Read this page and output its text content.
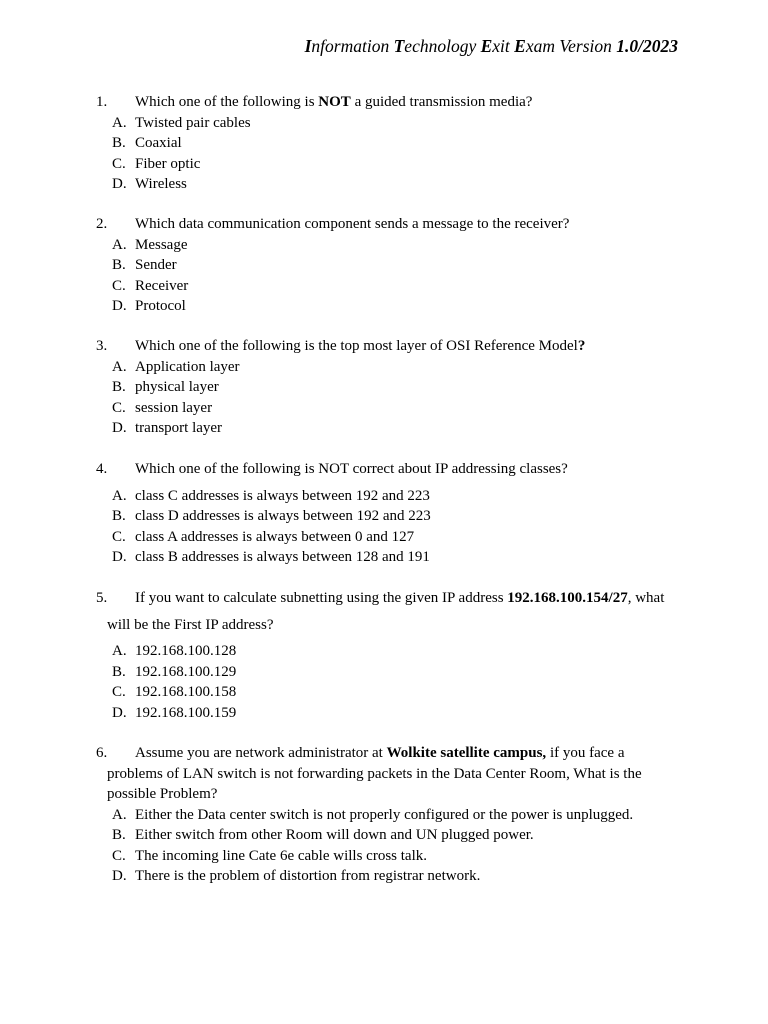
Information Technology Exit Exam Version 1.0/2023
1. Which one of the following is NOT a guided transmission media?
A. Twisted pair cables
B. Coaxial
C. Fiber optic
D. Wireless
2. Which data communication component sends a message to the receiver?
A. Message
B. Sender
C. Receiver
D. Protocol
3. Which one of the following is the top most layer of OSI Reference Model?
A. Application layer
B. physical layer
C. session layer
D. transport layer
4. Which one of the following is NOT correct about IP addressing classes?
A. class C addresses is always between 192 and 223
B. class D addresses is always between 192 and 223
C. class A addresses is always between 0 and 127
D. class B addresses is always between 128 and 191
5. If you want to calculate subnetting using the given IP address 192.168.100.154/27, what
will be the First IP address?
A. 192.168.100.128
B. 192.168.100.129
C. 192.168.100.158
D. 192.168.100.159
6. Assume you are network administrator at Wolkite satellite campus, if you face a
problems of LAN switch is not forwarding packets in the Data Center Room, What is the
possible Problem?
A. Either the Data center switch is not properly configured or the power is unplugged.
B. Either switch from other Room will down and UN plugged power.
C. The incoming line Cate 6e cable wills cross talk.
D. There is the problem of distortion from registrar network.
